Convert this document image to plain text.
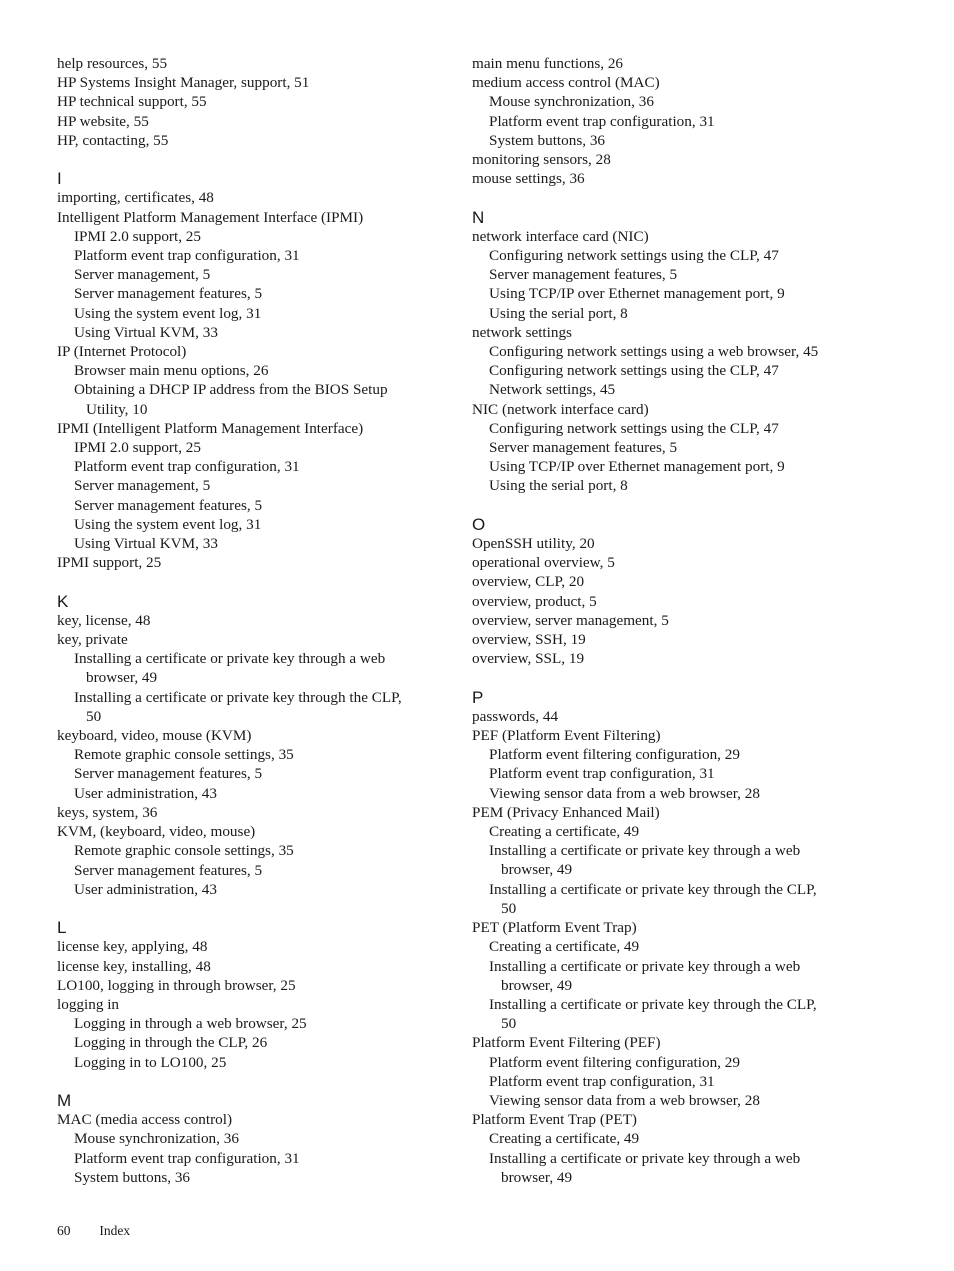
help resources, 55
HP Systems Insight Manager, support, 51
HP technical support, 55
HP website, 55
HP, contacting, 55
I
importing, certificates, 48
Intelligent Platform Management Interface (IPMI)
IPMI 2.0 support, 25
Platform event trap configuration, 31
Server management, 5
Server management features, 5
Using the system event log, 31
Using Virtual KVM, 33
IP (Internet Protocol)
Browser main menu options, 26
Obtaining a DHCP IP address from the BIOS Setup
Utility, 10
IPMI (Intelligent Platform Management Interface)
IPMI 2.0 support, 25
Platform event trap configuration, 31
Server management, 5
Server management features, 5
Using the system event log, 31
Using Virtual KVM, 33
IPMI support, 25
K
key, license, 48
key, private
Installing a certificate or private key through a web
browser, 49
Installing a certificate or private key through the CLP,
50
keyboard, video, mouse (KVM)
Remote graphic console settings, 35
Server management features, 5
User administration, 43
keys, system, 36
KVM, (keyboard, video, mouse)
Remote graphic console settings, 35
Server management features, 5
User administration, 43
L
license key, applying, 48
license key, installing, 48
LO100, logging in through browser, 25
logging in
Logging in through a web browser, 25
Logging in through the CLP, 26
Logging in to LO100, 25
M
MAC (media access control)
Mouse synchronization, 36
Platform event trap configuration, 31
System buttons, 36
main menu functions, 26
medium access control (MAC)
Mouse synchronization, 36
Platform event trap configuration, 31
System buttons, 36
monitoring sensors, 28
mouse settings, 36
N
network interface card (NIC)
Configuring network settings using the CLP, 47
Server management features, 5
Using TCP/IP over Ethernet management port, 9
Using the serial port, 8
network settings
Configuring network settings using a web browser, 45
Configuring network settings using the CLP, 47
Network settings, 45
NIC (network interface card)
Configuring network settings using the CLP, 47
Server management features, 5
Using TCP/IP over Ethernet management port, 9
Using the serial port, 8
O
OpenSSH utility, 20
operational overview, 5
overview, CLP, 20
overview, product, 5
overview, server management, 5
overview, SSH, 19
overview, SSL, 19
P
passwords, 44
PEF (Platform Event Filtering)
Platform event filtering configuration, 29
Platform event trap configuration, 31
Viewing sensor data from a web browser, 28
PEM (Privacy Enhanced Mail)
Creating a certificate, 49
Installing a certificate or private key through a web
browser, 49
Installing a certificate or private key through the CLP,
50
PET (Platform Event Trap)
Creating a certificate, 49
Installing a certificate or private key through a web
browser, 49
Installing a certificate or private key through the CLP,
50
Platform Event Filtering (PEF)
Platform event filtering configuration, 29
Platform event trap configuration, 31
Viewing sensor data from a web browser, 28
Platform Event Trap (PET)
Creating a certificate, 49
Installing a certificate or private key through a web
browser, 49
60 Index
